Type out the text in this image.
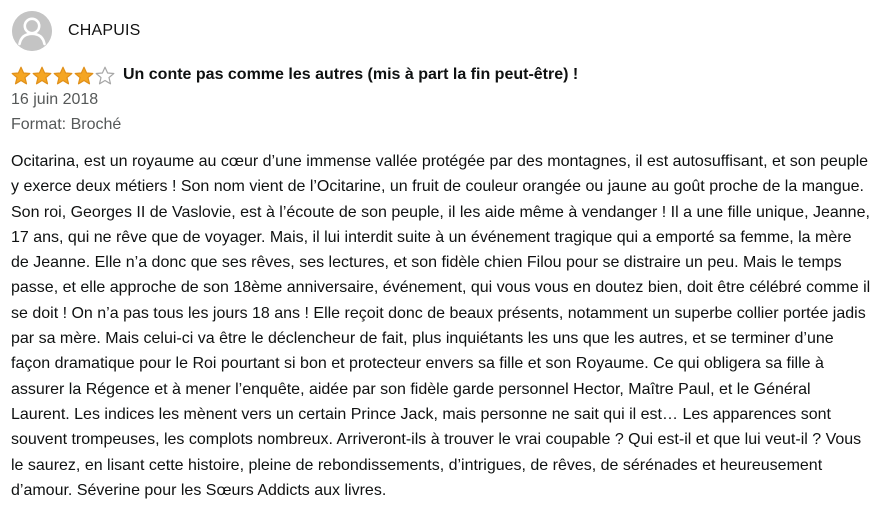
CHAPUIS
Un conte pas comme les autres (mis à part la fin peut-être) !
16 juin 2018
Format: Broché

Ocitarina, est un royaume au cœur d’une immense vallée protégée par des montagnes, il est autosuffisant, et son peuple y exerce deux métiers ! Son nom vient de l’Ocitarine, un fruit de couleur orangée ou jaune au goût proche de la mangue. Son roi, Georges II de Vaslovie, est à l’écoute de son peuple, il les aide même à vendanger ! Il a une fille unique, Jeanne, 17 ans, qui ne rêve que de voyager. Mais, il lui interdit suite à un événement tragique qui a emporté sa femme, la mère de Jeanne. Elle n’a donc que ses rêves, ses lectures, et son fidèle chien Filou pour se distraire un peu. Mais le temps passe, et elle approche de son 18ème anniversaire, événement, qui vous vous en doutez bien, doit être célébré comme il se doit ! On n’a pas tous les jours 18 ans ! Elle reçoit donc de beaux présents, notamment un superbe collier portée jadis par sa mère. Mais celui-ci va être le déclencheur de fait, plus inquiétants les uns que les autres, et se terminer d’une façon dramatique pour le Roi pourtant si bon et protecteur envers sa fille et son Royaume. Ce qui obligera sa fille à assurer la Régence et à mener l’enquête, aidée par son fidèle garde personnel Hector, Maître Paul, et le Général Laurent. Les indices les mènent vers un certain Prince Jack, mais personne ne sait qui il est… Les apparences sont souvent trompeuses, les complots nombreux. Arriveront-ils à trouver le vrai coupable ? Qui est-il et que lui veut-il ? Vous le saurez, en lisant cette histoire, pleine de rebondissements, d’intrigues, de rêves, de sérénades et heureusement d’amour. Séverine pour les Sœurs Addicts aux livres.
